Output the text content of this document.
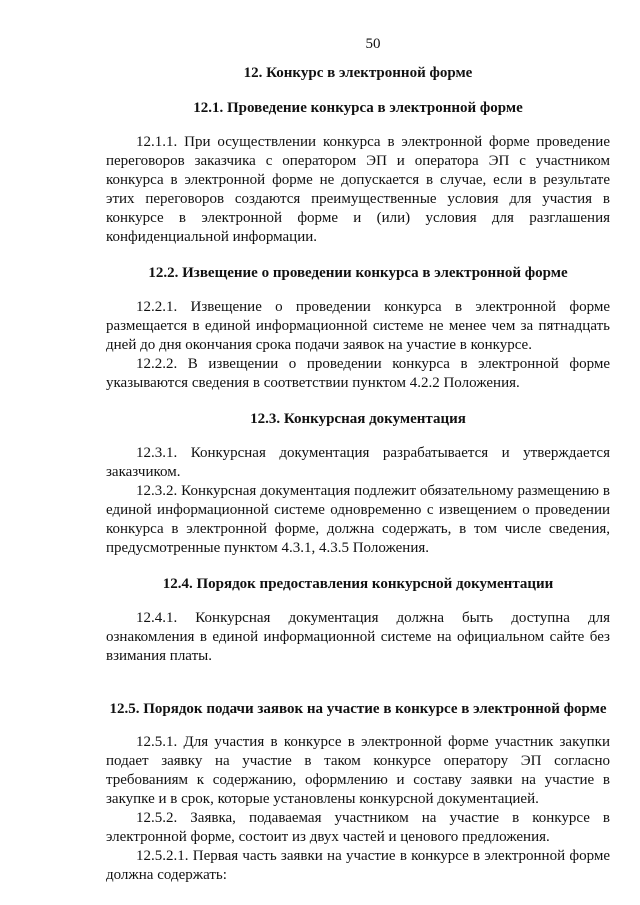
50
12. Конкурс в электронной форме
12.1. Проведение конкурса в электронной форме

12.1.1. При осуществлении конкурса в электронной форме проведение переговоров заказчика с оператором ЭП и оператора ЭП с участником конкурса в электронной форме не допускается в случае, если в результате этих переговоров создаются преимущественные условия для участия в конкурсе в электронной форме и (или) условия для разглашения конфиденциальной информации.

12.2. Извещение о проведении конкурса в электронной форме

12.2.1. Извещение о проведении конкурса в электронной форме размещается в единой информационной системе не менее чем за пятнадцать дней до дня окончания срока подачи заявок на участие в конкурсе.

12.2.2. В извещении о проведении конкурса в электронной форме указываются сведения в соответствии пунктом 4.2.2 Положения.

12.3. Конкурсная документация

12.3.1. Конкурсная документация разрабатывается и утверждается заказчиком.

12.3.2. Конкурсная документация подлежит обязательному размещению в единой информационной системе одновременно с извещением о проведении конкурса в электронной форме, должна содержать, в том числе сведения, предусмотренные пунктом 4.3.1, 4.3.5 Положения.

12.4. Порядок предоставления конкурсной документации

12.4.1. Конкурсная документация должна быть доступна для ознакомления в единой информационной системе на официальном сайте без взимания платы.

12.5. Порядок подачи заявок на участие в конкурсе в электронной форме

12.5.1. Для участия в конкурсе в электронной форме участник закупки подает заявку на участие в таком конкурсе оператору ЭП согласно требованиям к содержанию, оформлению и составу заявки на участие в закупке и в срок, которые установлены конкурсной документацией.

12.5.2. Заявка, подаваемая участником на участие в конкурсе в электронной форме, состоит из двух частей и ценового предложения.

12.5.2.1. Первая часть заявки на участие в конкурсе в электронной форме должна содержать:
